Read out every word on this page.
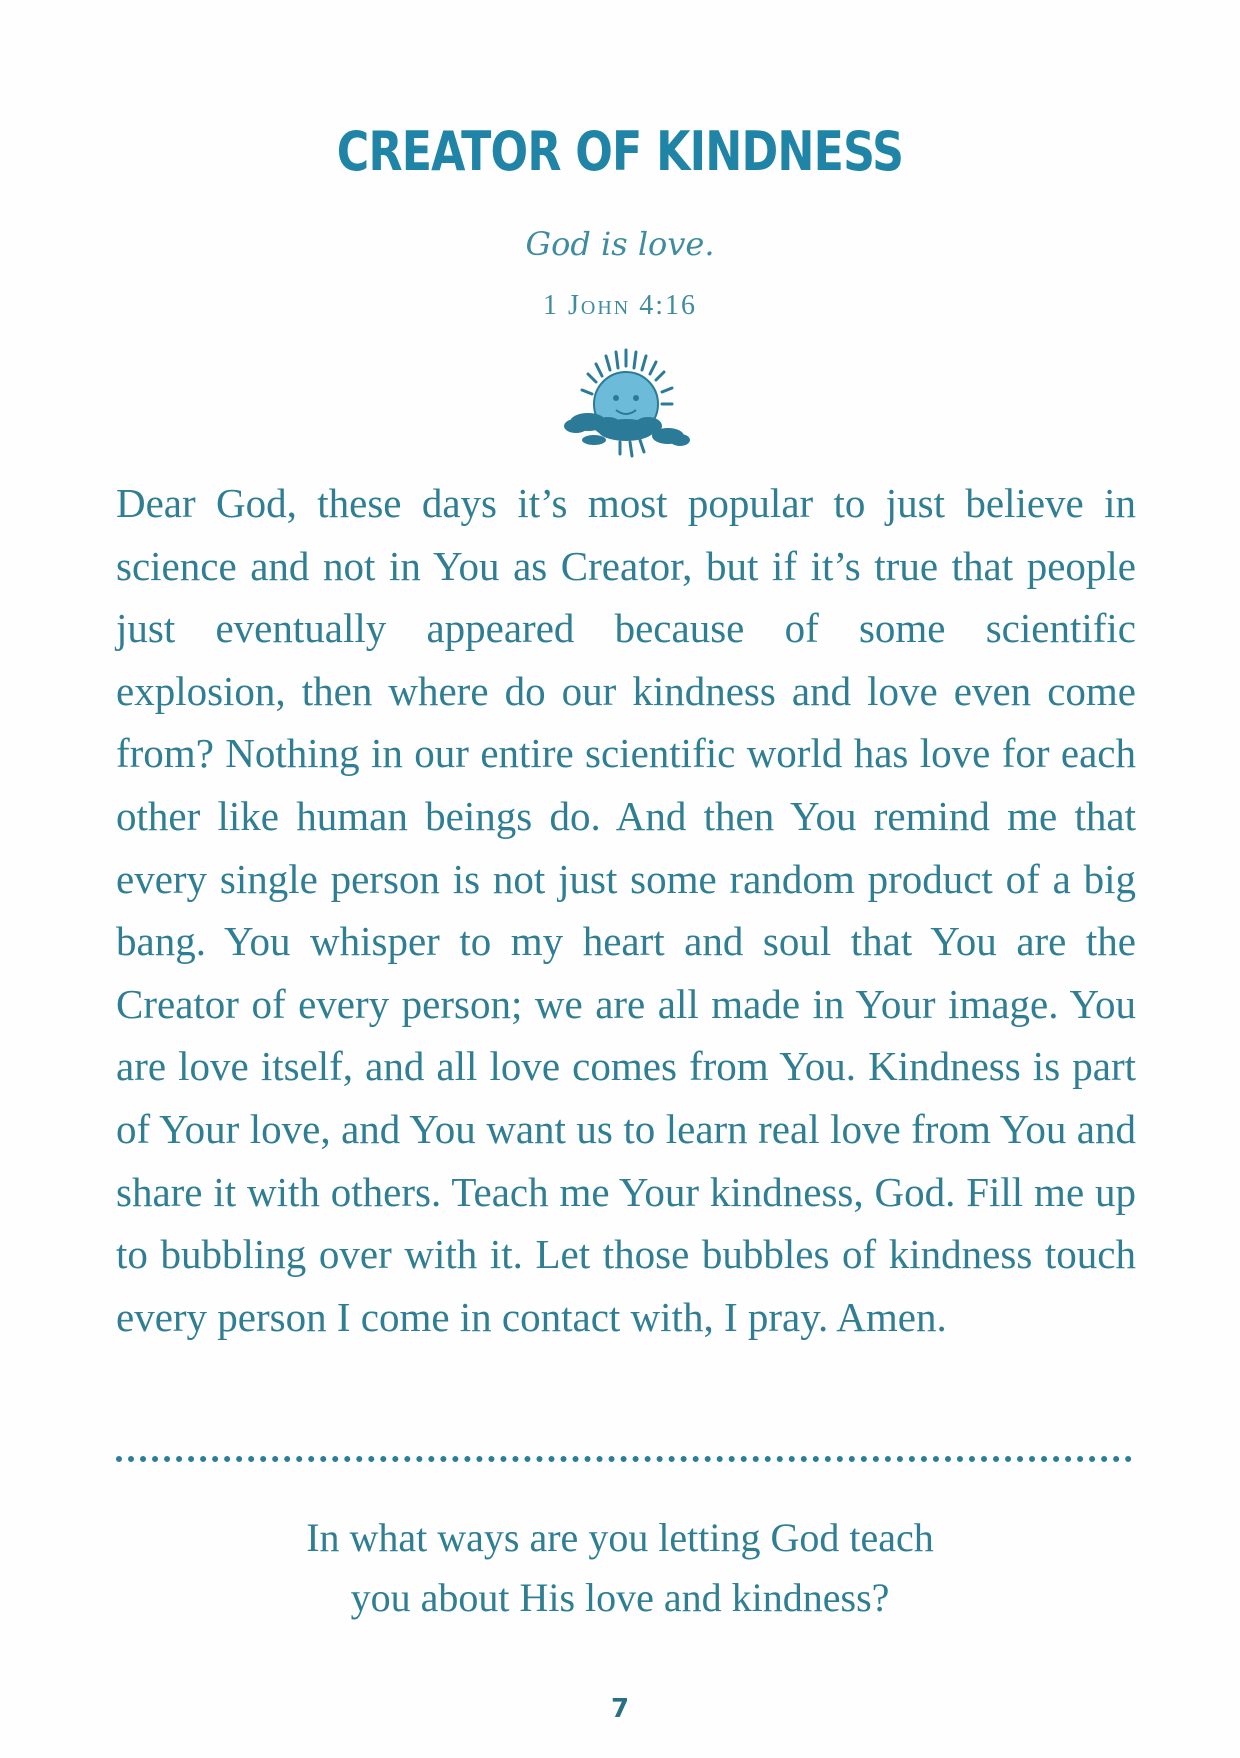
CREATOR OF KINDNESS

God is love.

1 John 4:16

Dear God, these days it’s most popular to just believe in science and not in You as Creator, but if it’s true that people just eventually appeared because of some scientific explosion, then where do our kindness and love even come from? Nothing in our entire scientific world has love for each other like human beings do. And then You remind me that every single person is not just some random product of a big bang. You whisper to my heart and soul that You are the Creator of every person; we are all made in Your image. You are love itself, and all love comes from You. Kindness is part of Your love, and You want us to learn real love from You and share it with others. Teach me Your kindness, God. Fill me up to bubbling over with it. Let those bubbles of kindness touch every person I come in contact with, I pray. Amen.

In what ways are you letting God teach
you about His love and kindness?

7
